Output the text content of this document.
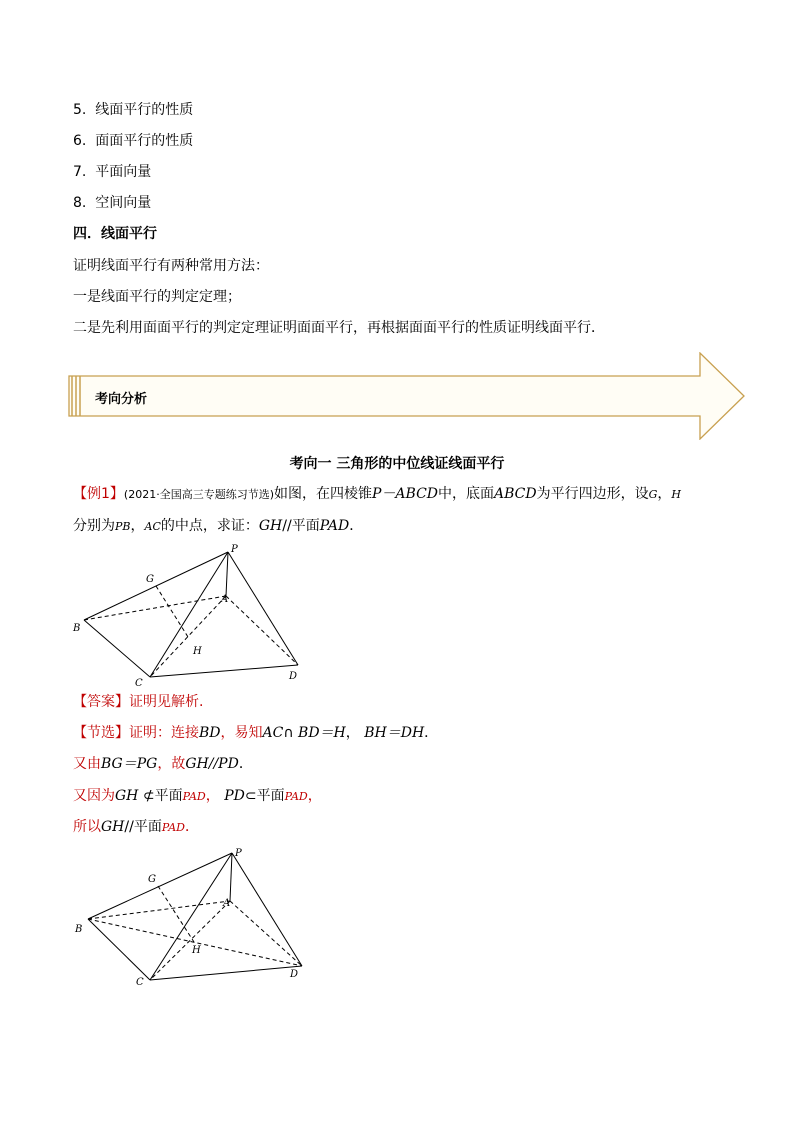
5. 线面平行的性质
6. 面面平行的性质
7. 平面向量
8. 空间向量
四．线面平行
证明线面平行有两种常用方法：
一是线面平行的判定定理；
二是先利用面面平行的判定定理证明面面平行，再根据面面平行的性质证明线面平行．
考向分析
考向一 三角形的中位线证线面平行
【例1】(2021·全国高三专题练习节选)如图，在四棱锥P－ABCD中，底面ABCD为平行四边形，设G，H
分别为PB，AC的中点，求证：GH//平面PAD．
P
G
A
B
H
C
D
【答案】证明见解析.
【节选】证明：连接BD，易知AC∩ BD＝H， BH＝DH．
又由BG＝PG，故GH//PD．
又因为GH ⊄平面PAD， PD⊂平面PAD，
所以GH//平面PAD．
P
G
A
B
H
C
D
